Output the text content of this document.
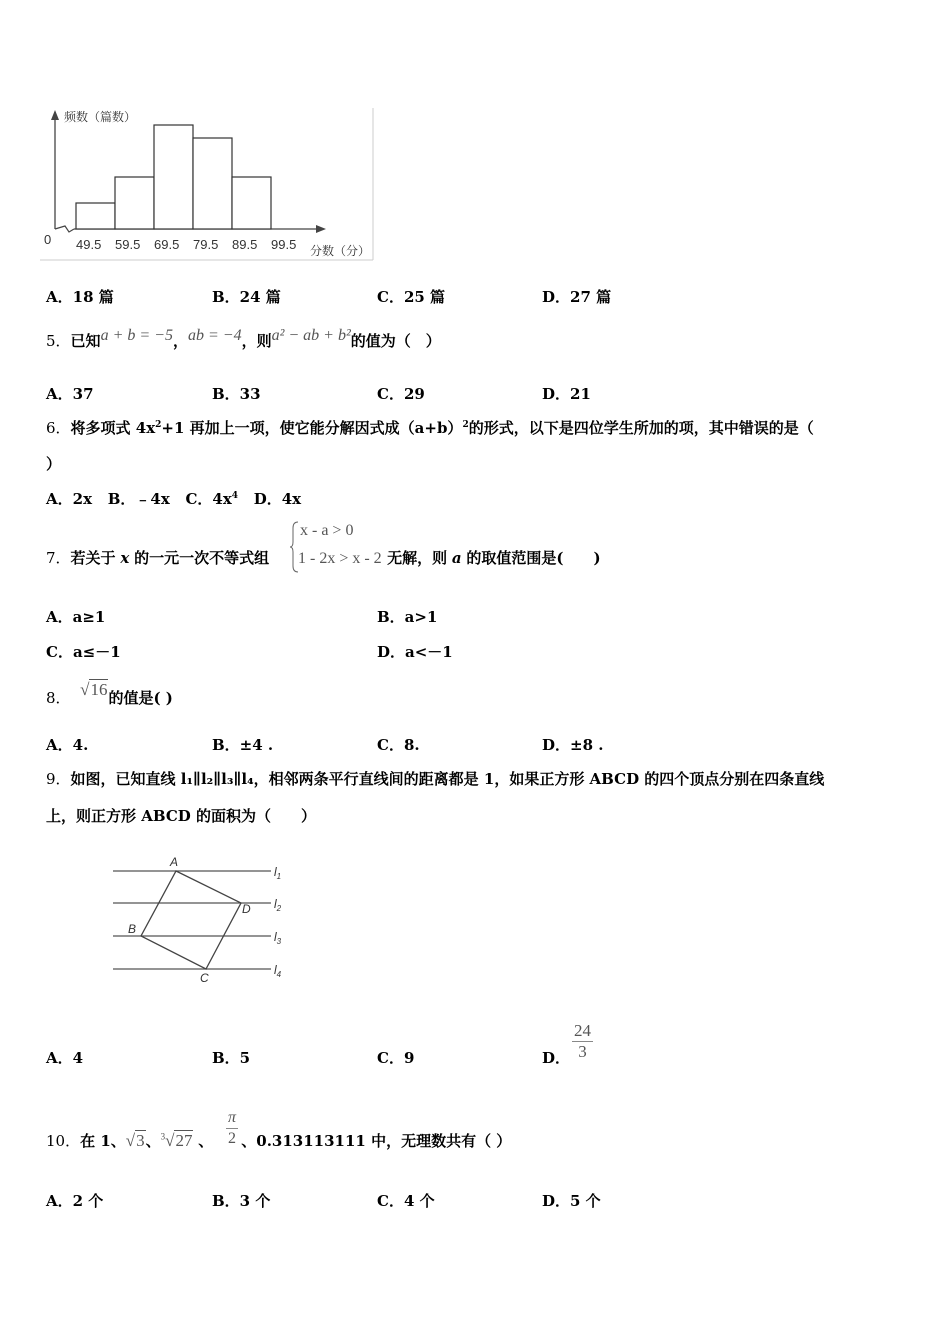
频数（篇数）
0 49.5 59.5 69.5 79.5 89.5 99.5 分数（分）
A．18 篇	B．24 篇	C．25 篇	D．27 篇
5．已知a + b = −5，ab = −4，则a² − ab + b²的值为（　）
A．37	B．33	C．29	D．21
6．将多项式 $4x^2+1$ 再加上一项，使它能分解因式成$(a+b)^2$的形式，以下是四位学生所加的项，其中错误的是（
）
A．2x B．﹣4x C．$4x^4$ D．4x
7．若关于 x 的一元一次不等式组	无解，则 a 的取值范围是(　　)
x - a > 0
1 - 2x > x - 2
A．a≥1	B．a>1
C．a≤－1	D．a<－1
8． √16的值是( )
A．4.	B．±4 .	C．8.	D．±8 .
9．如图，已知直线 l₁∥l₂∥l₃∥l₄，相邻两条平行直线间的距离都是 1，如果正方形 ABCD 的四个顶点分别在四条直线
上，则正方形 ABCD 的面积为（　　）
A
D
B
C
$l_1$
$l_2$
$l_3$
$l_4$
A．4	B．5	C．9	D． $\frac{24}{3}$
10．在 1、√3、$^3$√27 、 、0.313113111 中，无理数共有（ ）
$\frac{\pi}{2}$
A．2 个	B．3 个	C．4 个	D．5 个
